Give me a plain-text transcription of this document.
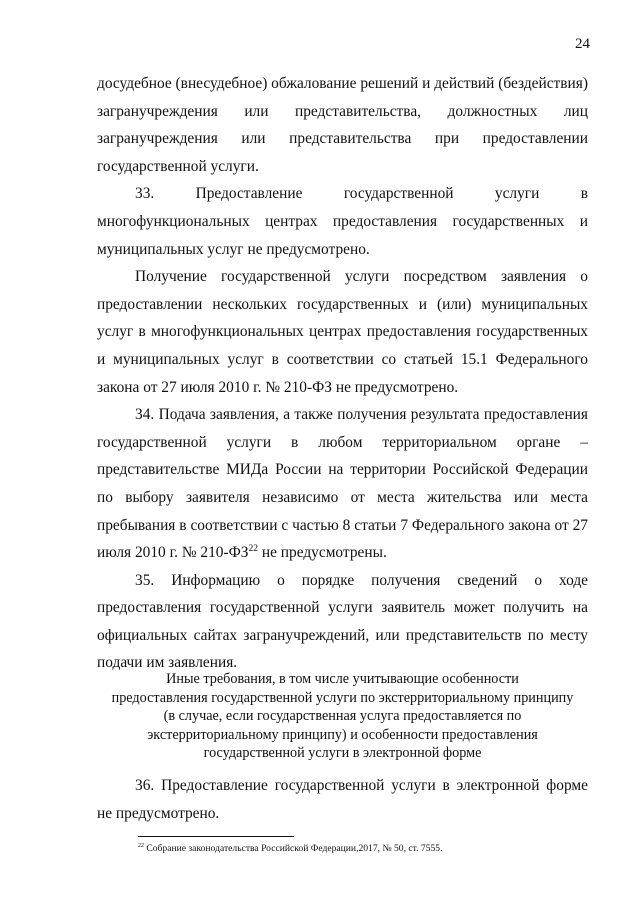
24

досудебное (внесудебное) обжалование решений и действий (бездействия) загранучреждения или представительства, должностных лиц загранучреждения или представительства при предоставлении государственной услуги.

33. Предоставление государственной услуги в многофункциональных центрах предоставления государственных и муниципальных услуг не предусмотрено.

Получение государственной услуги посредством заявления о предоставлении нескольких государственных и (или) муниципальных услуг в многофункциональных центрах предоставления государственных и муниципальных услуг в соответствии со статьей 15.1 Федерального закона от 27 июля 2010 г. № 210-ФЗ не предусмотрено.

34. Подача заявления, а также получения результата предоставления государственной услуги в любом территориальном органе – представительстве МИДа России на территории Российской Федерации по выбору заявителя независимо от места жительства или места пребывания в соответствии с частью 8 статьи 7 Федерального закона от 27 июля 2010 г. № 210-ФЗ$^{22}$ не предусмотрены.

35. Информацию о порядке получения сведений о ходе предоставления государственной услуги заявитель может получить на официальных сайтах загранучреждений, или представительств по месту подачи им заявления.

Иные требования, в том числе учитывающие особенности
предоставления государственной услуги по экстерриториальному принципу
(в случае, если государственная услуга предоставляется по
экстерриториальному принципу) и особенности предоставления
государственной услуги в электронной форме

36. Предоставление государственной услуги в электронной форме не предусмотрено.

$^{22}$ Собрание законодательства Российской Федерации,2017, № 50, ст. 7555.
